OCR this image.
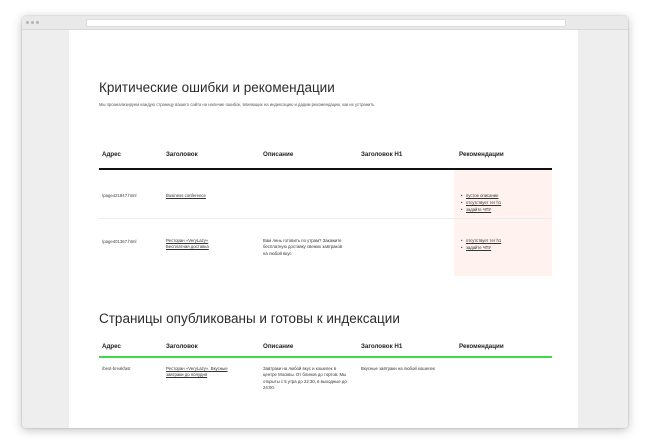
Критические ошибки и рекомендации
Мы проанализируем каждую страницу вашего сайта на наличие ошибок, влияющих на индексацию и дадим рекомендации, как их устранить
Адрес	Заголовок	Описание	Заголовок H1	Рекомендации
/page421847.html	Business conference
•	пустое описание
• отсутствует тег h1
• задайте ЧПУ
/page401367.html	Ресторан «VeryLazy»
Бесплатная доставка
Вам лень готовить по утрам? Закажите бесплатную доставку свежих завтраков на любой вкус
• отсутствует тег h1
• задайте ЧПУ
Страницы опубликованы и готовы к индексации
Адрес	Заголовок	Описание	Заголовок H1	Рекомендации
/best-breakfast	Ресторан «VeryLazy». Вкусные
завтраки до полудня
Завтраки на любой вкус и кошелек в центре Москвы. От блинов до тортов. Мы открыты с 5 утра до 22:30, в выходные до 24:00.
Вкусные завтраки на любой кошелек
